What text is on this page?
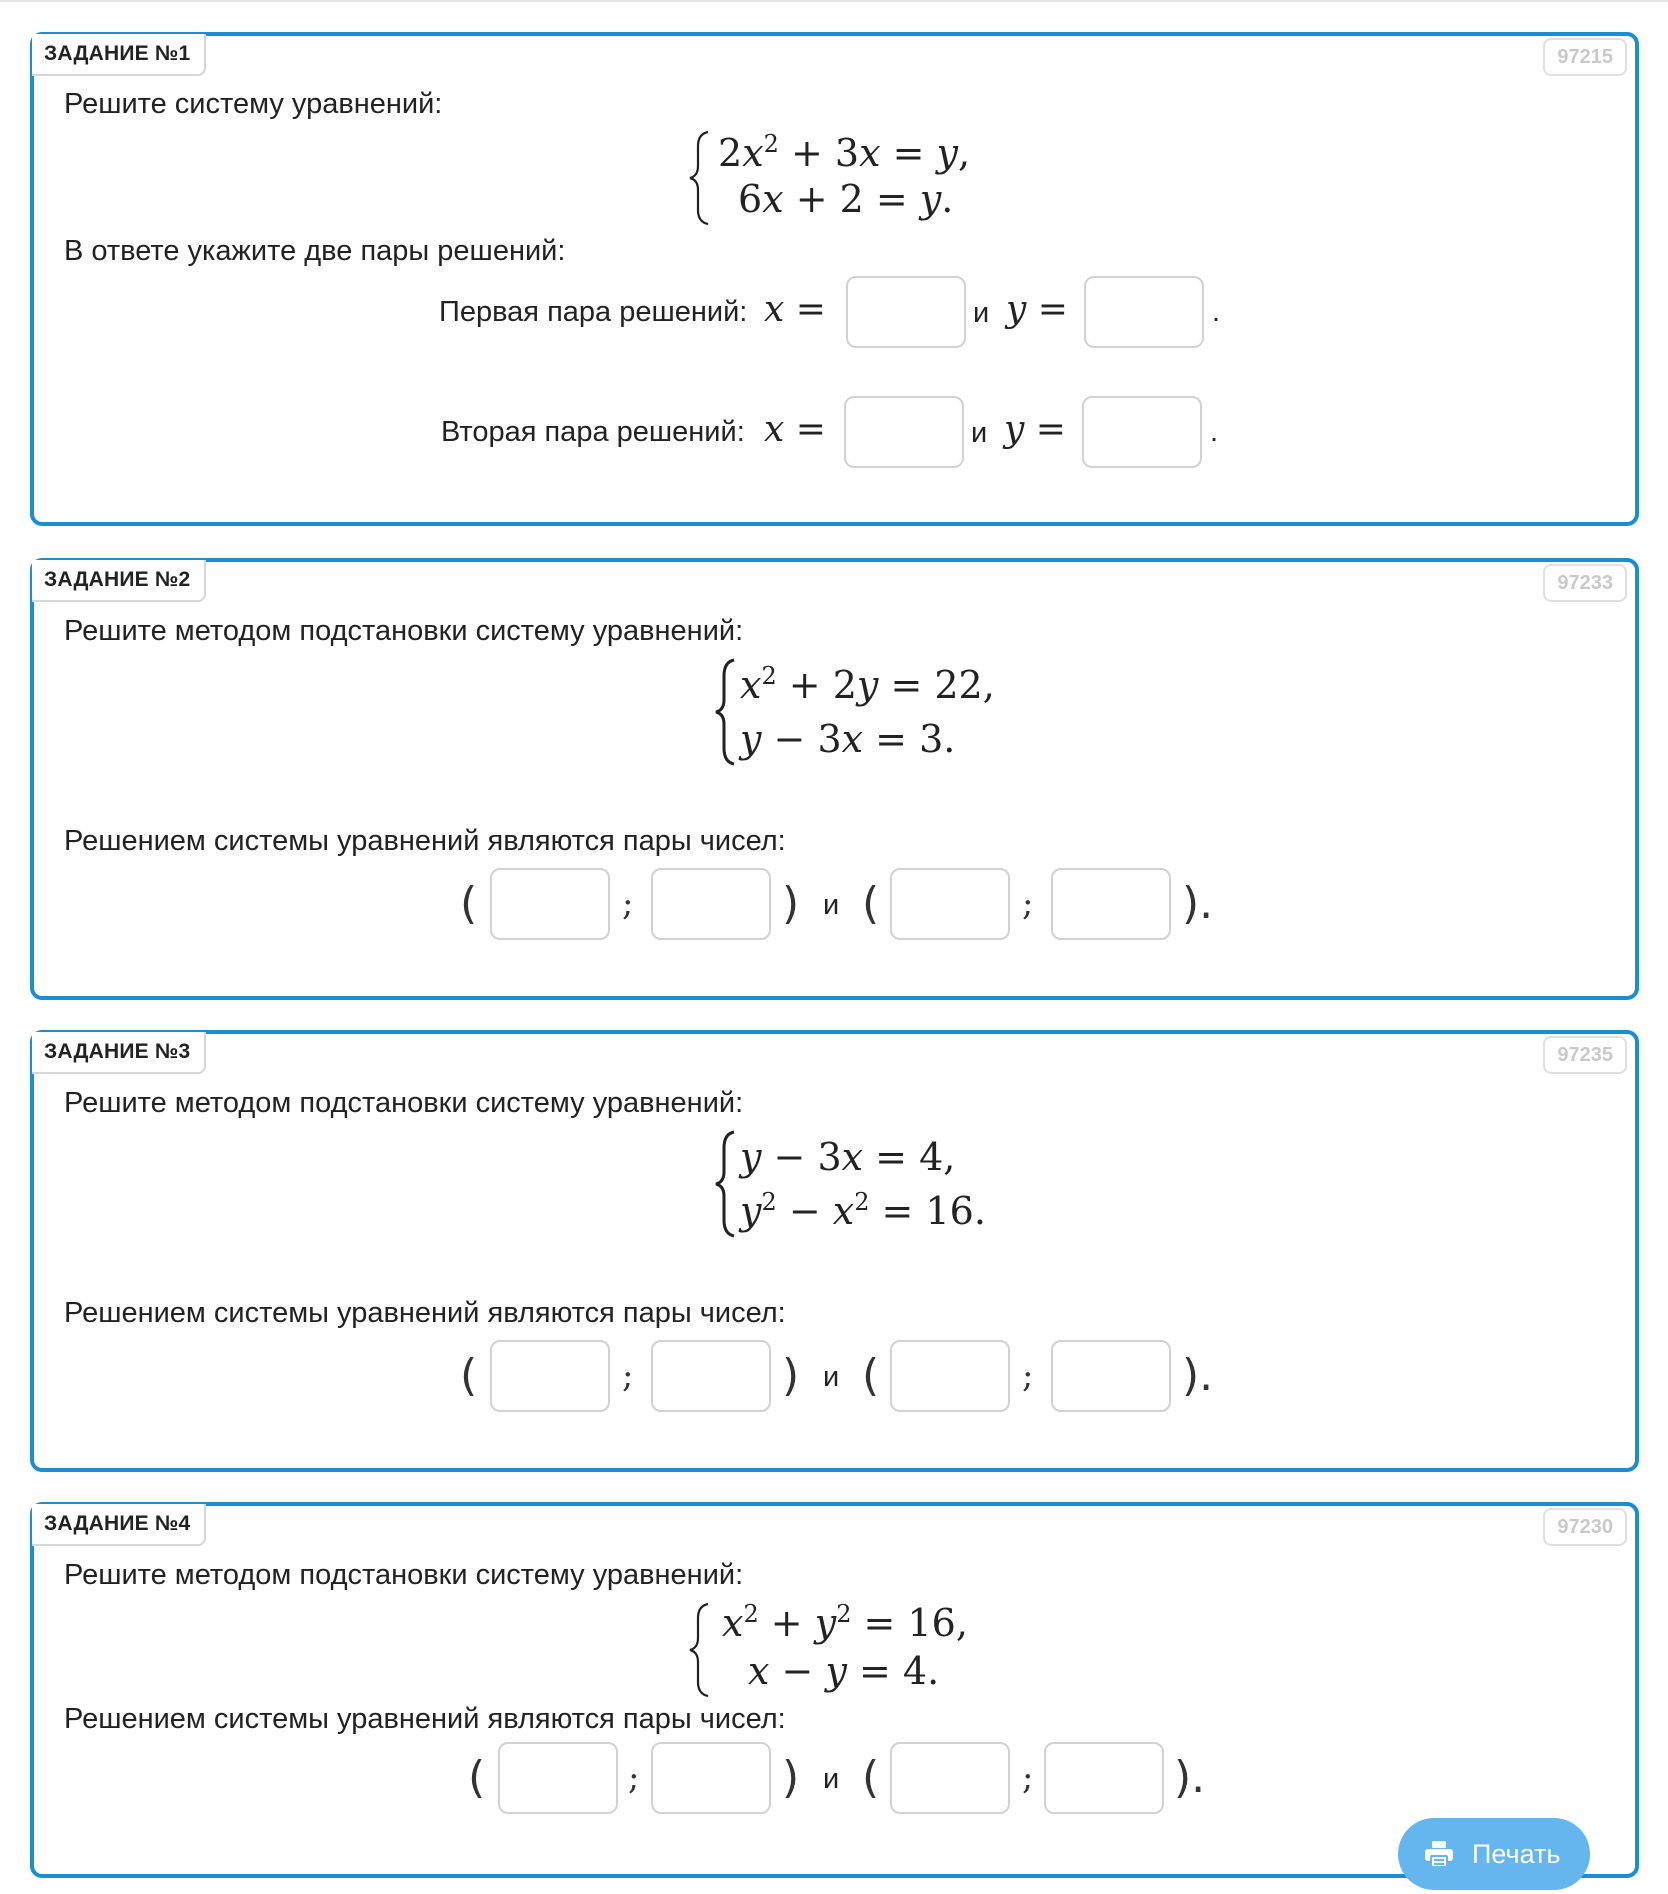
ЗАДАНИЕ №1	97215
Решите систему уравнений:
$2x^2 + 3x = y$,
6x + 2 = y.
В ответе укажите две пары решений:
Первая пара решений: x =	и y =	.
Вторая пара решений: x =	и y =	.
ЗАДАНИЕ №2	97233
Решите методом подстановки систему уравнений:
$x^2 + 2y = 22$,
y − 3x = 3.
Решением системы уравнений являются пары чисел:
(	;	) и (	;	).
ЗАДАНИЕ №3	97235
Решите методом подстановки систему уравнений:
y − 3x = 4,
$y^2 - x^2 = 16$.
Решением системы уравнений являются пары чисел:
(	;	) и (	;	).
ЗАДАНИЕ №4	97230
Решите методом подстановки систему уравнений:
$x^2 + y^2 = 16$,
x − y = 4.
Решением системы уравнений являются пары чисел:
(	;	) и (	;	).
Печать
